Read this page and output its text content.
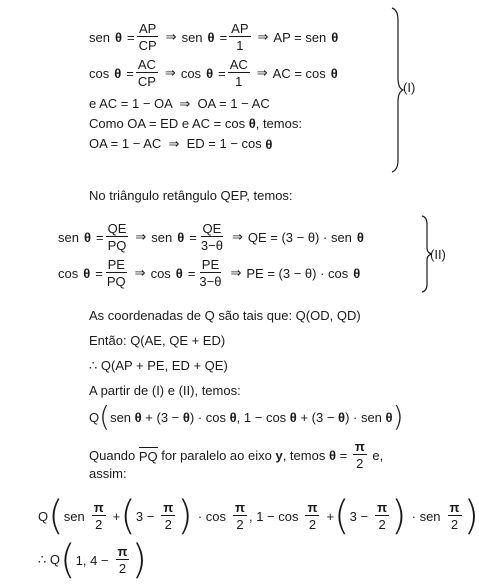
sen $\theta = \frac{AP}{CP}$ ⇒ sen $\theta = \frac{AP}{1}$ ⇒ AP = sen θ
$\cos \theta = \frac{AC}{CP}$ ⇒ $\cos \theta = \frac{AC}{1}$ ⇒ AC = cos θ
e AC = 1 − OA  ⇒  OA = 1 − AC
Como OA = ED e AC = cos θ , temos:
OA = 1 − AC  ⇒  ED = 1 − cos θ
(I)
No triângulo retângulo QEP, temos:
sen $\theta = \frac{QE}{PQ}$ ⇒ sen $\theta = \frac{QE}{3-\theta}$ ⇒ QE = (3 − θ) · sen θ
$\cos \theta = \frac{PE}{PQ}$ ⇒ $\cos \theta = \frac{PE}{3-\theta}$ ⇒ PE = (3 − θ) · cos θ
(II)
As coordenadas de Q são tais que: Q(OD, QD)
Então: Q(AE, QE + ED)
∴ Q(AP + PE, ED + QE)
A partir de (I) e (II), temos:
Q ( sen θ + (3 − θ ) · cos θ , 1 − cos θ + (3 − θ ) · sen θ )
Quando PQ for paralelo ao eixo y , temos $\theta = \frac{\pi}{2} e$,
assim:
Q ( sen $\frac{\pi}{2}$ + ( $3 - \frac{\pi}{2}$ ) · $\cos \frac{\pi}{2}$ , $1 - \cos \frac{\pi}{2}$ + ( $3 - \frac{\pi}{2}$ ) · sen $\frac{\pi}{2}$ )
∴ Q ( 1, $4 - \frac{\pi}{2}$ )
